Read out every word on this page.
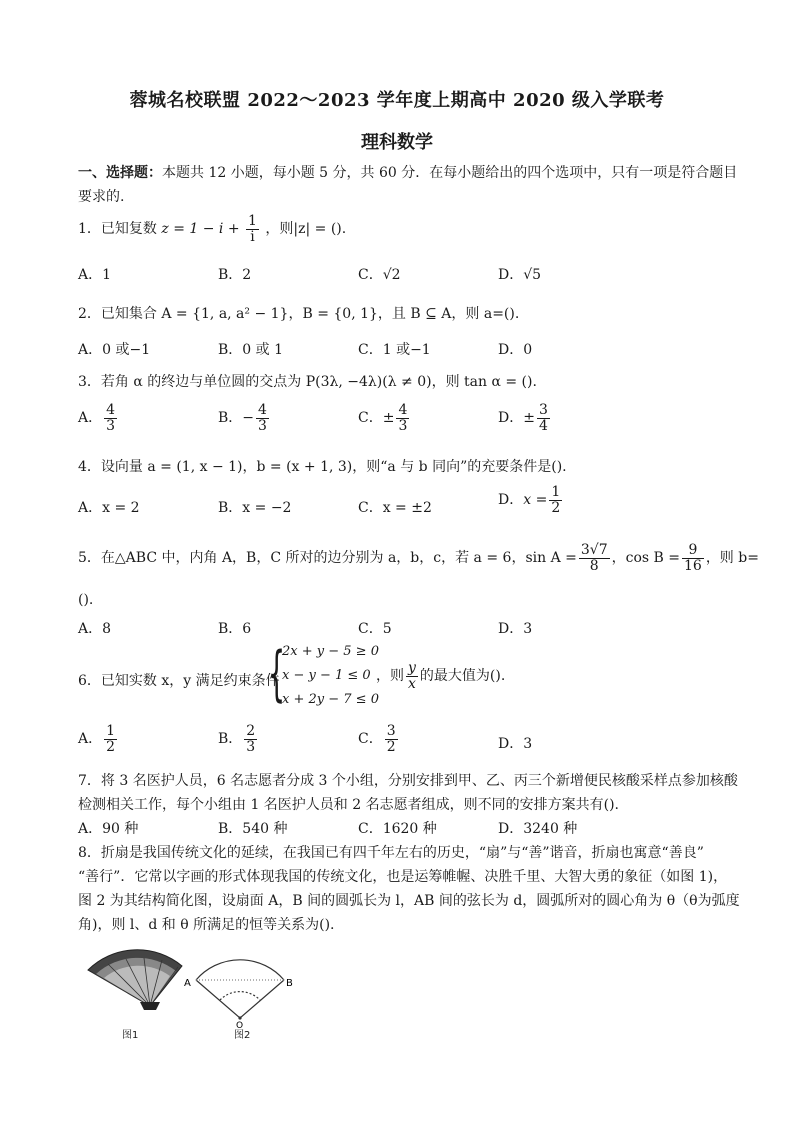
蓉城名校联盟 2022～2023 学年度上期高中 2020 级入学联考
理科数学
一、选择题：本题共 12 小题，每小题 5 分，共 60 分．在每小题给出的四个选项中，只有一项是符合题目
要求的.
1．已知复数 $z = 1 - i + \frac{1}{i}$ ，则|z| = ().
A．1	B．2	C．√2	D．√5
2．已知集合 A = {1, a, a² − 1}，B = {0, 1}，且 B ⊆ A，则 a=().
A．0 或−1	B．0 或 1	C．1 或−1	D．0
3．若角 α 的终边与单位圆的交点为 P(3λ, −4λ)(λ ≠ 0)，则 tan α = ().
A． $\frac{4}{3}$	B．− $\frac{4}{3}$	C．± $\frac{4}{3}$	D．± $\frac{3}{4}$
4．设向量 a = (1, x − 1)，b = (x + 1, 3)，则“a 与 b 同向”的充要条件是().
A．x = 2	B．x = −2	C．x = ±2	D．$x = \frac{1}{2}$
5．在△ABC 中，内角 A，B，C 所对的边分别为 a，b，c，若 a = 6，$\sin A = \frac{3√7}{8}$ ，$\cos B = \frac{9}{16}$ ，则 b=
().
A．8	B．6	C．5	D．3
6．已知实数 x，y 满足约束条件
{
2x + y − 5 ≥ 0
x − y − 1 ≤ 0
x + 2y − 7 ≤ 0
，则 $\frac{y}{x}$ 的最大值为().
A． $\frac{1}{2}$	B． $\frac{2}{3}$	C． $\frac{3}{2}$	D．3
7．将 3 名医护人员，6 名志愿者分成 3 个小组，分别安排到甲、乙、丙三个新增便民核酸采样点参加核酸
检测相关工作，每个小组由 1 名医护人员和 2 名志愿者组成，则不同的安排方案共有().
A．90 种	B．540 种	C．1620 种	D．3240 种
8．折扇是我国传统文化的延续，在我国已有四千年左右的历史，“扇”与“善”谐音，折扇也寓意“善良”
“善行”．它常以字画的形式体现我国的传统文化，也是运筹帷幄、决胜千里、大智大勇的象征（如图 1)，
图 2 为其结构简化图，设扇面 A，B 间的圆弧长为 l，AB 间的弦长为 d，圆弧所对的圆心角为 θ（θ为弧度
角)，则 l、d 和 θ 所满足的恒等关系为().
A	B
O
图1	图2
